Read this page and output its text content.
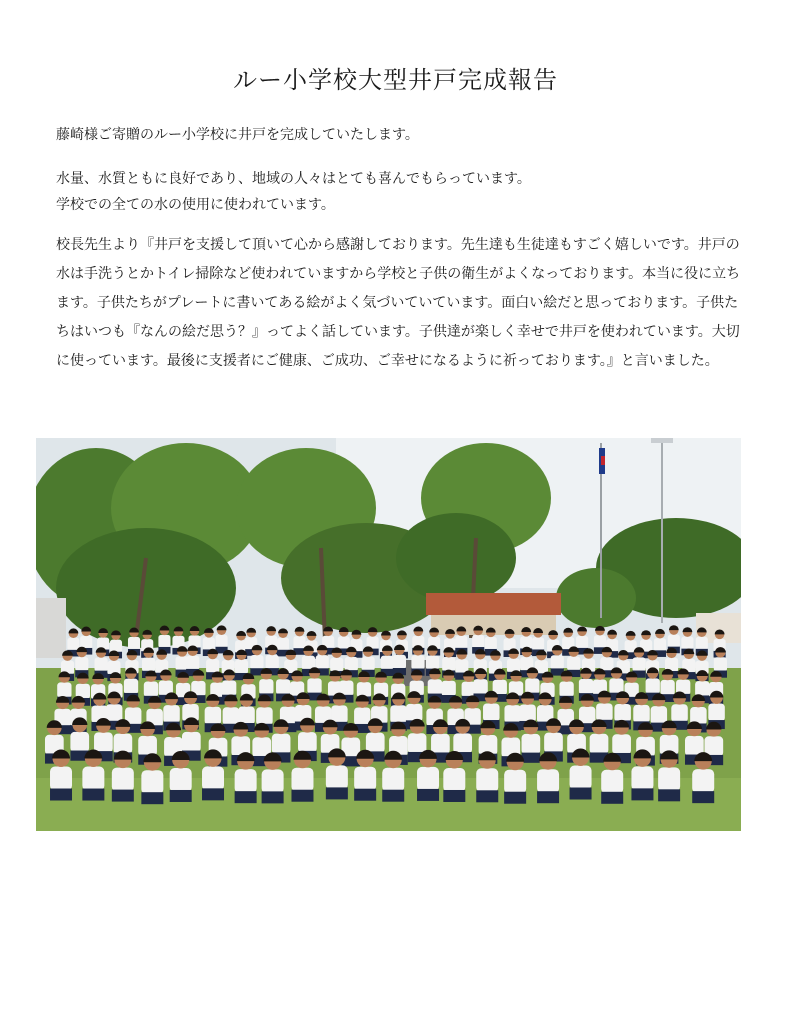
ルー小学校大型井戸完成報告
藤崎様ご寄贈のルー小学校に井戸を完成していたします。
水量、水質ともに良好であり、地域の人々はとても喜んでもらっています。
学校での全ての水の使用に使われています。
校長先生より『井戸を支援して頂いて心から感謝しております。先生達も生徒達もすごく嬉しいです。井戸の水は手洗うとかトイレ掃除など使われていますから学校と子供の衛生がよくなっております。本当に役に立ちます。子供たちがプレートに書いてある絵がよく気づいていています。面白い絵だと思っております。子供たちはいつも『なんの絵だ思う？』ってよく話しています。子供達が楽しく幸せで井戸を使われています。大切に使っています。最後に支援者にご健康、ご成功、ご幸せになるように祈っております。』と言いました。
